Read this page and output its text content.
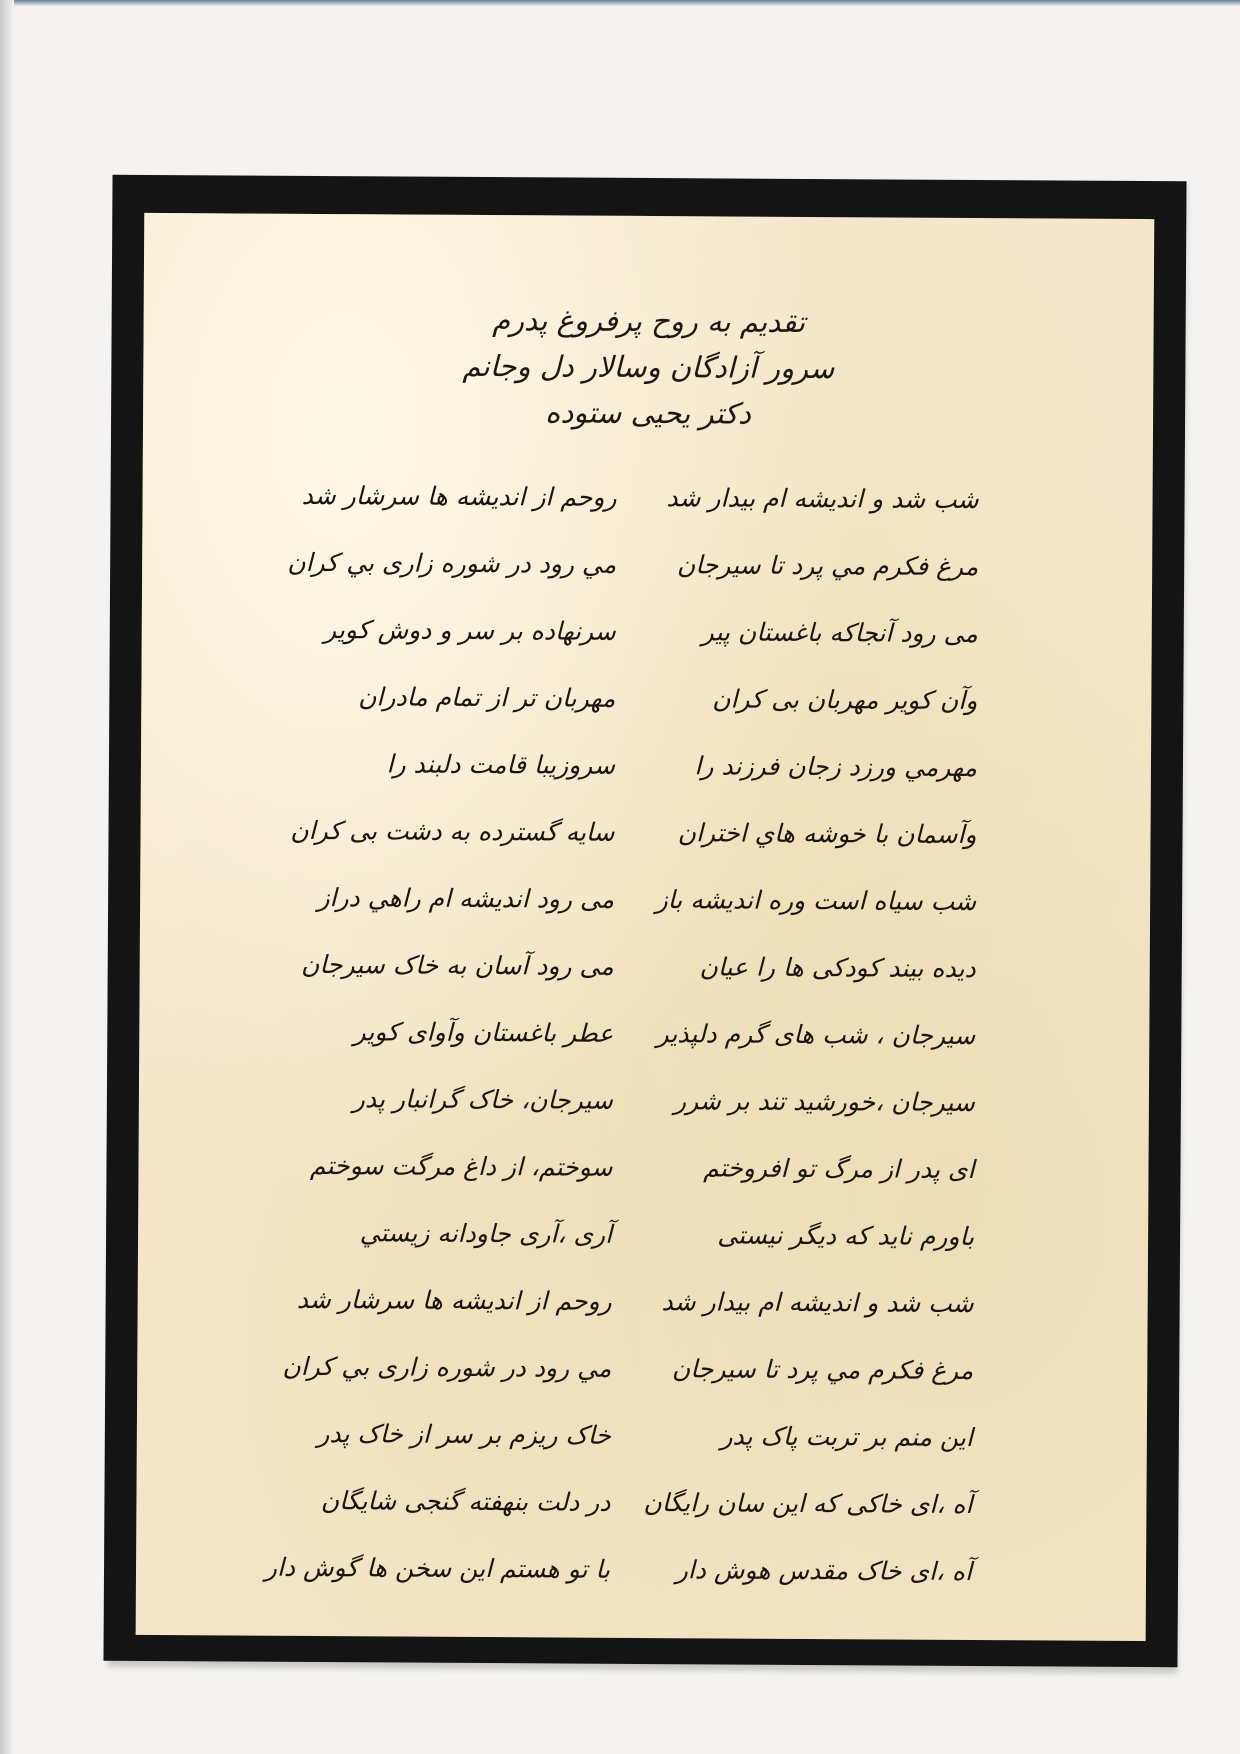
تقدیم به روح پرفروغ پدرم
سرور آزادگان وسالار دل وجانم
دکتر یحیی ستوده
شب شد و اندیشه ام بیدار شد
روحم از اندیشه ها سرشار شد
مرغ فکرم مي پرد تا سیرجان
مي رود در شوره زاری بي کران
می رود آنجاکه باغستان پیر
سرنهاده بر سر و دوش کویر
وآن کویر مهربان بی کران
مهربان تر از تمام مادران
مهرمي ورزد زجان فرزند را
سروزیبا قامت دلبند را
وآسمان با خوشه هاي اختران
سایه گسترده به دشت بی کران
شب سیاه است وره اندیشه باز
می رود اندیشه ام راهي دراز
دیده بیند کودکی ها را عیان
می رود آسان به خاک سیرجان
سیرجان ، شب های گرم دلپذیر
عطر باغستان وآوای کویر
سیرجان ،خورشید تند بر شرر
سیرجان، خاک گرانبار پدر
ای پدر از مرگ تو افروختم
سوختم، از داغ مرگت سوختم
باورم ناید که دیگر نیستی
آری ،آری جاودانه زیستي
شب شد و اندیشه ام بیدار شد
روحم از اندیشه ها سرشار شد
مرغ فکرم مي پرد تا سیرجان
مي رود در شوره زاری بي کران
این منم بر تربت پاک پدر
خاک ریزم بر سر از خاک پدر
آه ،ای خاکی که این سان رایگان
در دلت بنهفته گنجی شایگان
آه ،ای خاک مقدس هوش دار
با تو هستم این سخن ها گوش دار
